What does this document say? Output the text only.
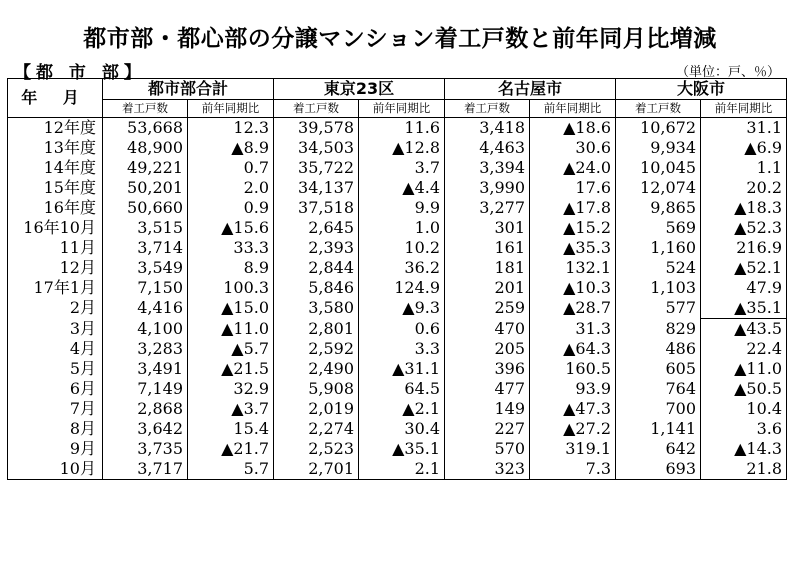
都市部・都心部の分譲マンション着工戸数と前年同月比増減
【都 市 部】	（単位：戸、％）
年 月	都市部合計		東京23区		名古屋市		大阪市	
	着工戸数	前年同期比	着工戸数	前年同期比	着工戸数	前年同期比	着工戸数	前年同期比
12年度	53,668	12.3	39,578	11.6	3,418	▲18.6	10,672	31.1
13年度	48,900	▲8.9	34,503	▲12.8	4,463	30.6	9,934	▲6.9
14年度	49,221	0.7	35,722	3.7	3,394	▲24.0	10,045	1.1
15年度	50,201	2.0	34,137	▲4.4	3,990	17.6	12,074	20.2
16年度	50,660	0.9	37,518	9.9	3,277	▲17.8	9,865	▲18.3
16年10月	3,515	▲15.6	2,645	1.0	301	▲15.2	569	▲52.3
11月	3,714	33.3	2,393	10.2	161	▲35.3	1,160	216.9
12月	3,549	8.9	2,844	36.2	181	132.1	524	▲52.1
17年1月	7,150	100.3	5,846	124.9	201	▲10.3	1,103	47.9
2月	4,416	▲15.0	3,580	▲9.3	259	▲28.7	577	▲35.1
3月	4,100	▲11.0	2,801	0.6	470	31.3	829	▲43.5
4月	3,283	▲5.7	2,592	3.3	205	▲64.3	486	22.4
5月	3,491	▲21.5	2,490	▲31.1	396	160.5	605	▲11.0
6月	7,149	32.9	5,908	64.5	477	93.9	764	▲50.5
7月	2,868	▲3.7	2,019	▲2.1	149	▲47.3	700	10.4
8月	3,642	15.4	2,274	30.4	227	▲27.2	1,141	3.6
9月	3,735	▲21.7	2,523	▲35.1	570	319.1	642	▲14.3
10月	3,717	5.7	2,701	2.1	323	7.3	693	21.8
